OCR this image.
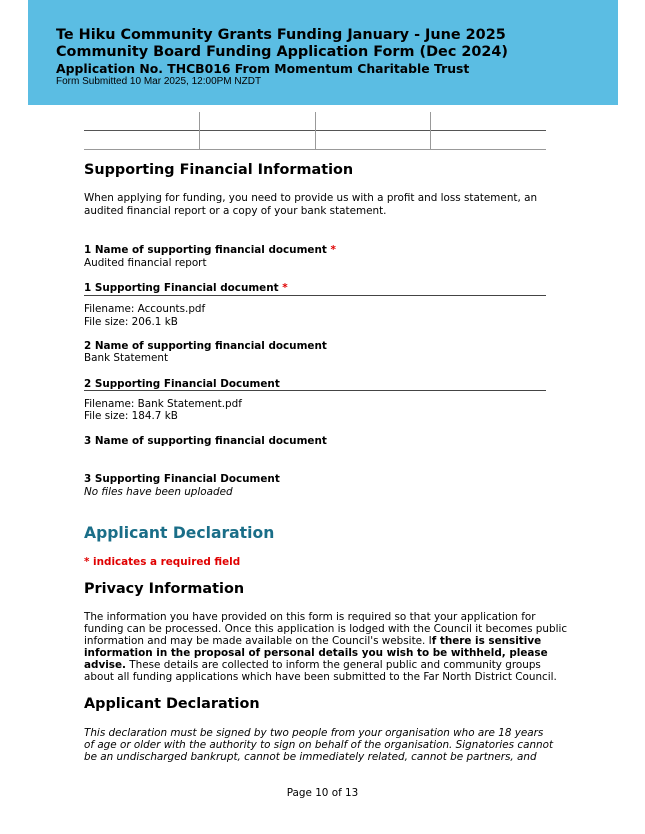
Te Hiku Community Grants Funding January - June 2025

Community Board Funding Application Form (Dec 2024)

Application No. THCB016 From Momentum Charitable Trust

Form Submitted 10 Mar 2025, 12:00PM NZDT

Supporting Financial Information

When applying for funding, you need to provide us with a profit and loss statement, an

audited financial report or a copy of your bank statement.

1 Name of supporting financial document *

Audited financial report

1 Supporting Financial document *

Filename: Accounts.pdf

File size: 206.1 kB

2 Name of supporting financial document

Bank Statement

2 Supporting Financial Document

Filename: Bank Statement.pdf

File size: 184.7 kB

3 Name of supporting financial document

3 Supporting Financial Document

No files have been uploaded

Applicant Declaration

* indicates a required field

Privacy Information

The information you have provided on this form is required so that your application for

funding can be processed. Once this application is lodged with the Council it becomes public

information and may be made available on the Council's website. If there is sensitive

information in the proposal of personal details you wish to be withheld, please

advise. These details are collected to inform the general public and community groups

about all funding applications which have been submitted to the Far North District Council.

Applicant Declaration

This declaration must be signed by two people from your organisation who are 18 years

of age or older with the authority to sign on behalf of the organisation. Signatories cannot

be an undischarged bankrupt, cannot be immediately related, cannot be partners, and

Page 10 of 13
